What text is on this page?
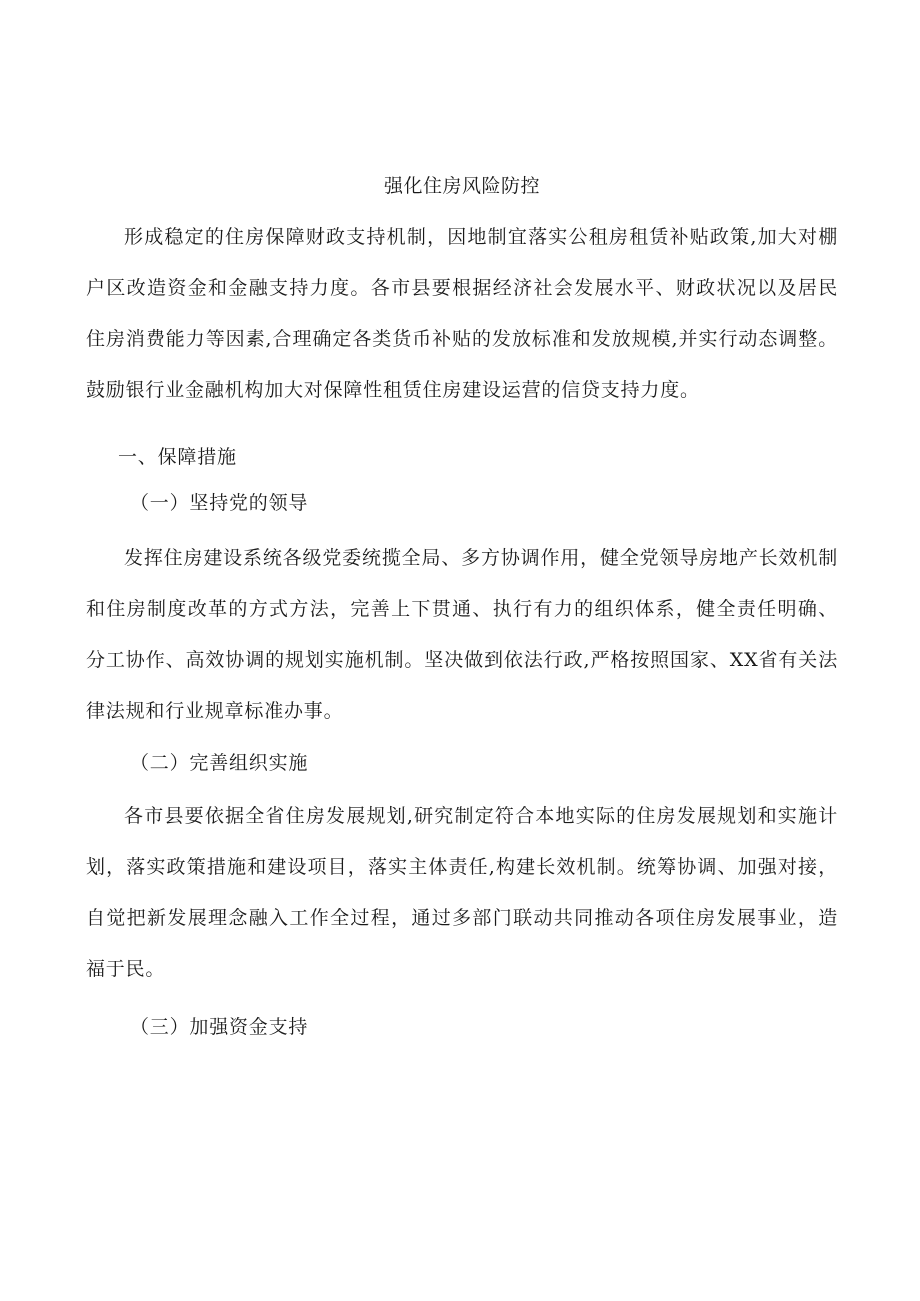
强化住房风险防控

形成稳定的住房保障财政支持机制，因地制宜落实公租房租赁补贴政策,加大对棚户区改造资金和金融支持力度。各市县要根据经济社会发展水平、财政状况以及居民住房消费能力等因素,合理确定各类货币补贴的发放标准和发放规模,并实行动态调整。鼓励银行业金融机构加大对保障性租赁住房建设运营的信贷支持力度。

一、保障措施
（一）坚持党的领导

发挥住房建设系统各级党委统揽全局、多方协调作用，健全党领导房地产长效机制和住房制度改革的方式方法，完善上下贯通、执行有力的组织体系，健全责任明确、分工协作、高效协调的规划实施机制。坚决做到依法行政,严格按照国家、XX省有关法律法规和行业规章标准办事。

（二）完善组织实施

各市县要依据全省住房发展规划,研究制定符合本地实际的住房发展规划和实施计划，落实政策措施和建设项目，落实主体责任,构建长效机制。统筹协调、加强对接，自觉把新发展理念融入工作全过程，通过多部门联动共同推动各项住房发展事业，造福于民。

（三）加强资金支持
